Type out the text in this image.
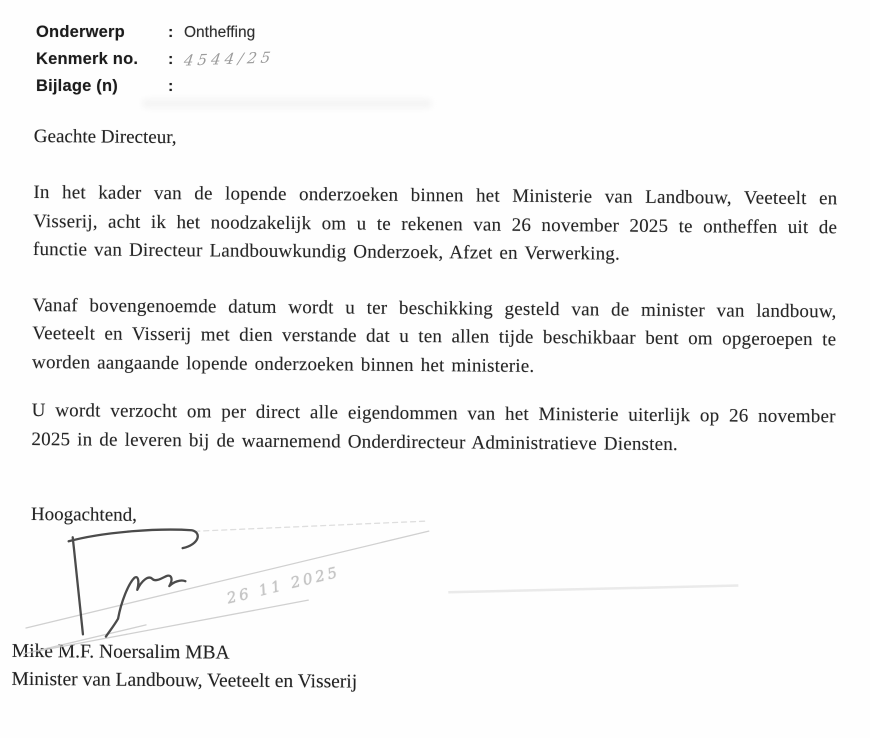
Onderwerp	: Ontheffing
Kenmerk no.	: 4544/25
Bijlage (n)	:

Geachte Directeur,

In het kader van de lopende onderzoeken binnen het Ministerie van Landbouw, Veeteelt en Visserij, acht ik het noodzakelijk om u te rekenen van 26 november 2025 te ontheffen uit de functie van Directeur Landbouwkundig Onderzoek, Afzet en Verwerking.

Vanaf bovengenoemde datum wordt u ter beschikking gesteld van de minister van landbouw, Veeteelt en Visserij met dien verstande dat u ten allen tijde beschikbaar bent om opgeroepen te worden aangaande lopende onderzoeken binnen het ministerie.

U wordt verzocht om per direct alle eigendommen van het Ministerie uiterlijk op 26 november 2025 in de leveren bij de waarnemend Onderdirecteur Administratieve Diensten.

Hoogachtend,

26 11 2025
Mike M.F. Noersalim MBA
Minister van Landbouw, Veeteelt en Visserij
